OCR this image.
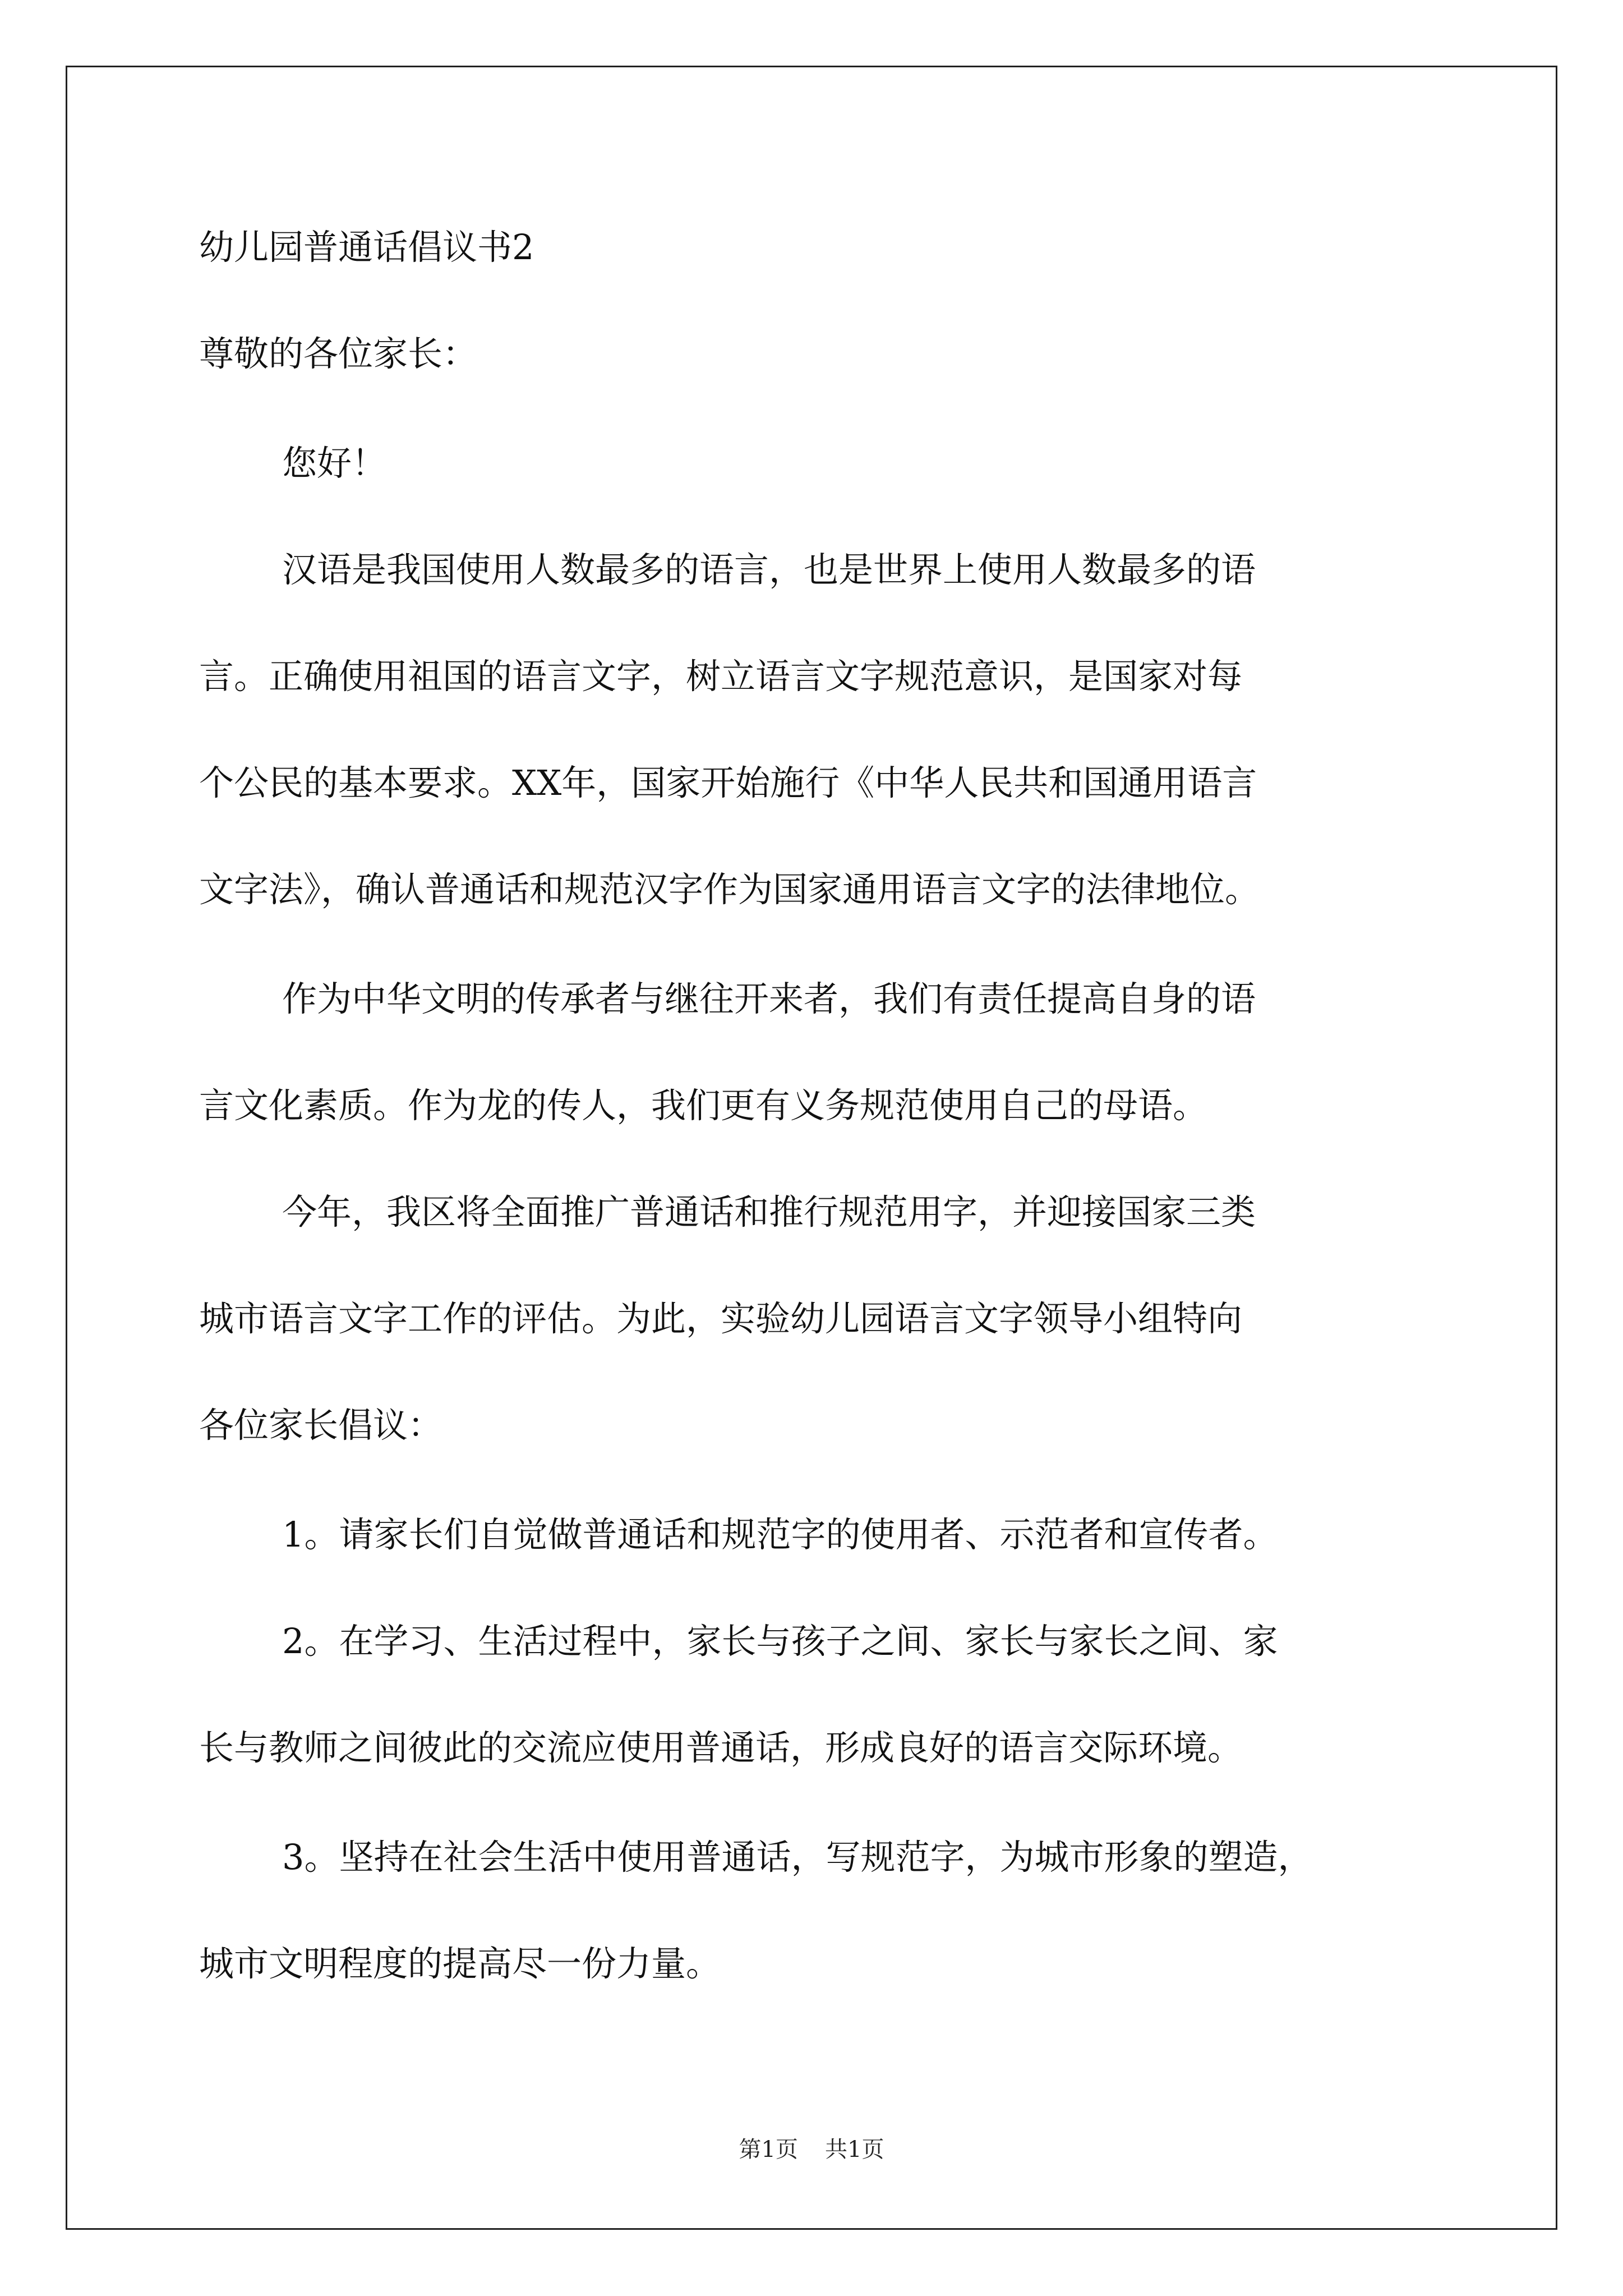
幼儿园普通话倡议书2

尊敬的各位家长：

您好！

汉语是我国使用人数最多的语言，也是世界上使用人数最多的语

言。正确使用祖国的语言文字，树立语言文字规范意识，是国家对每

个公民的基本要求。XX年，国家开始施行《中华人民共和国通用语言

文字法》，确认普通话和规范汉字作为国家通用语言文字的法律地位。

作为中华文明的传承者与继往开来者，我们有责任提高自身的语

言文化素质。作为龙的传人，我们更有义务规范使用自己的母语。

今年，我区将全面推广普通话和推行规范用字，并迎接国家三类

城市语言文字工作的评估。为此，实验幼儿园语言文字领导小组特向

各位家长倡议：

1。请家长们自觉做普通话和规范字的使用者、示范者和宣传者。

2。在学习、生活过程中，家长与孩子之间、家长与家长之间、家

长与教师之间彼此的交流应使用普通话，形成良好的语言交际环境。

3。坚持在社会生活中使用普通话，写规范字，为城市形象的塑造，

城市文明程度的提高尽一份力量。

第1页 共1页
